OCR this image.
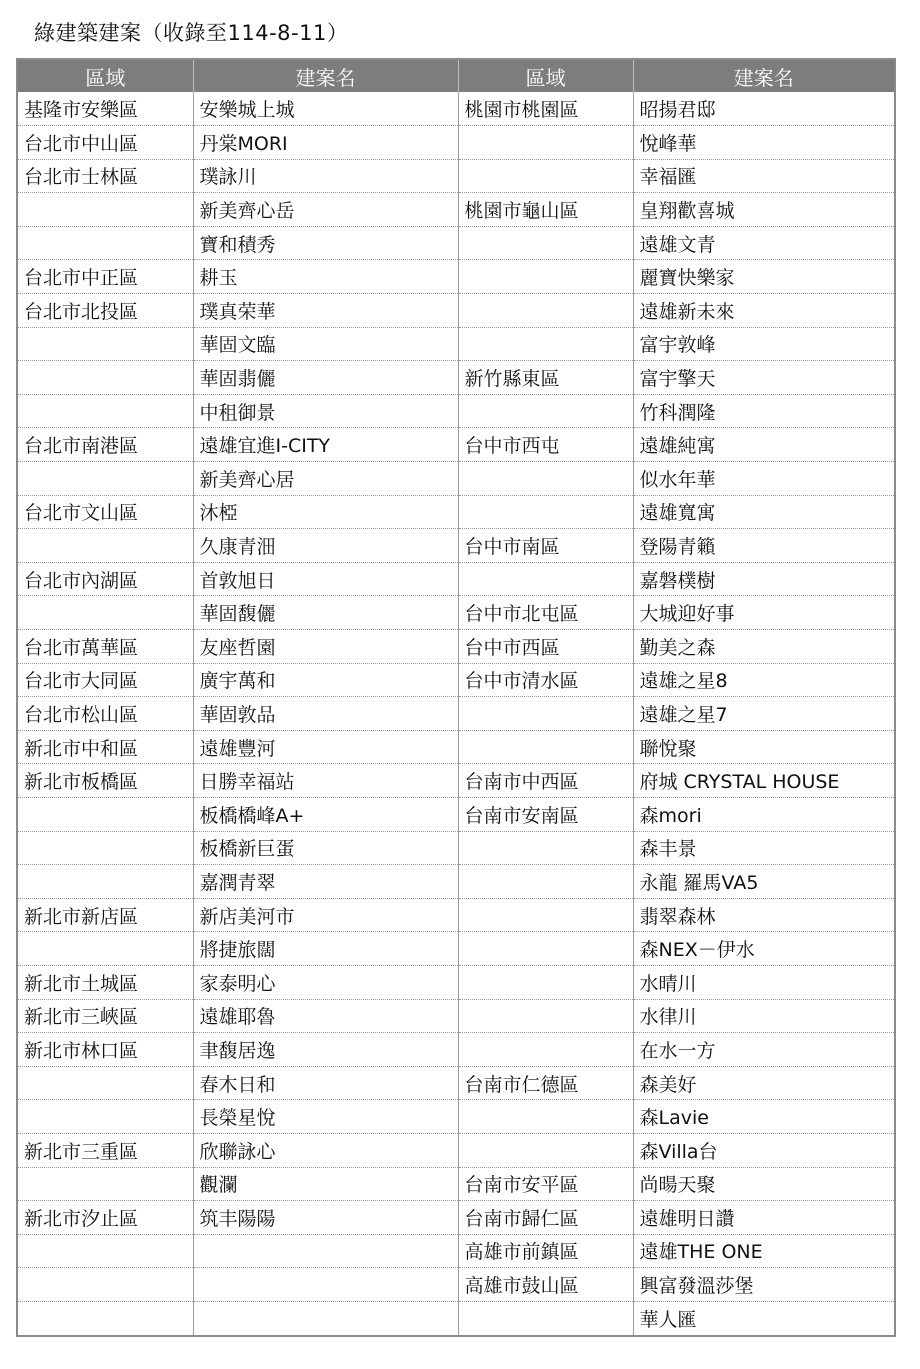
綠建築建案（收錄至114-8-11）
區域	建案名	區域	建案名
基隆市安樂區	安樂城上城	桃園市桃園區	昭揚君邸
台北市中山區	丹棠MORI		悅峰華
台北市士林區	璞詠川		幸福匯
	新美齊心岳	桃園市龜山區	皇翔歡喜城
	寶和積秀		遠雄文青
台北市中正區	耕玉		麗寶快樂家
台北市北投區	璞真荣華		遠雄新未來
	華固文臨		富宇敦峰
	華固翡儷	新竹縣東區	富宇擎天
	中租御景		竹科潤隆
台北市南港區	遠雄宜進I-CITY	台中市西屯	遠雄純寓
	新美齊心居		似水年華
台北市文山區	沐椏		遠雄寬寓
	久康青沺	台中市南區	登陽青籟
台北市內湖區	首敦旭日		嘉磐樸樹
	華固馥儷	台中市北屯區	大城迎好事
台北市萬華區	友座哲園	台中市西區	勤美之森
台北市大同區	廣宇萬和	台中市清水區	遠雄之星8
台北市松山區	華固敦品		遠雄之星7
新北市中和區	遠雄豐河		聯悅聚
新北市板橋區	日勝幸福站	台南市中西區	府城 CRYSTAL HOUSE
	板橋橋峰A+	台南市安南區	森mori
	板橋新巨蛋		森丰景
	嘉潤青翠		永龍 羅馬VA5
新北市新店區	新店美河市		翡翠森林
	將捷旅闊		森NEX－伊水
新北市土城區	家泰明心		水晴川
新北市三峽區	遠雄耶魯		水律川
新北市林口區	聿馥居逸		在水一方
	春木日和	台南市仁德區	森美好
	長榮星悅		森Lavie
新北市三重區	欣聯詠心		森Villa台
	觀瀾	台南市安平區	尚暘天聚
新北市汐止區	筑丰陽陽	台南市歸仁區	遠雄明日讚
		高雄市前鎮區	遠雄THE ONE
		高雄市鼓山區	興富發溫莎堡
			華人匯
